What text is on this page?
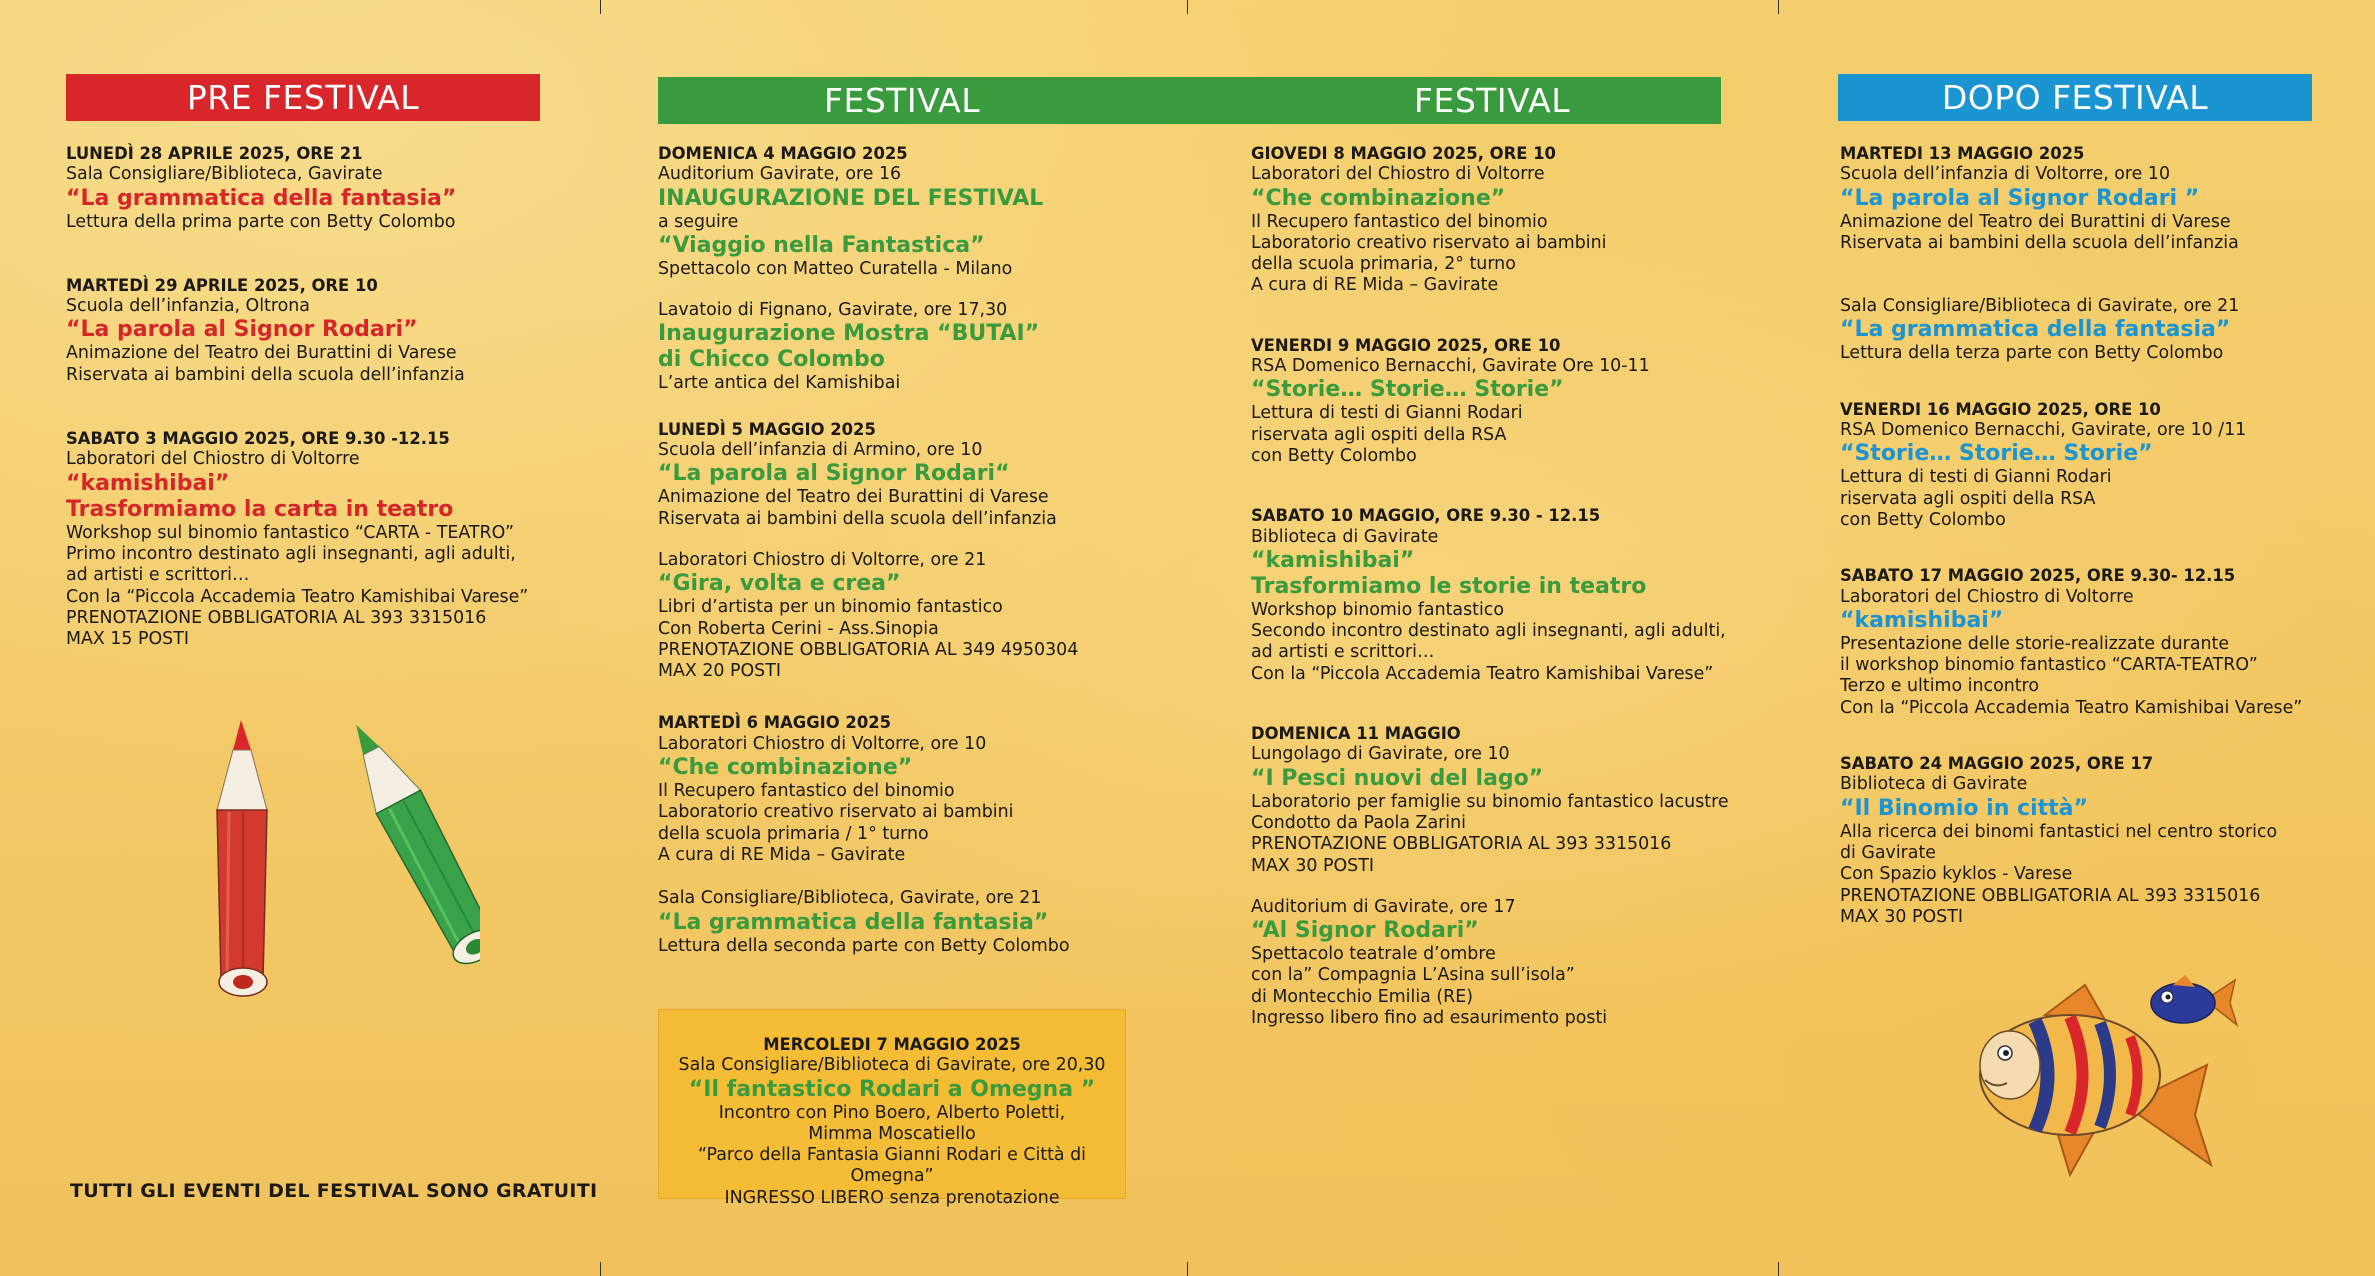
PRE FESTIVAL	FESTIVAL	FESTIVAL	DOPO FESTIVAL
LUNEDÌ 28 APRILE 2025, ORE 21
Sala Consigliare/Biblioteca, Gavirate
“La grammatica della fantasia”
Lettura della prima parte con Betty Colombo
MARTEDÌ 29 APRILE 2025, ORE 10
Scuola dell’infanzia, Oltrona
“La parola al Signor Rodari”
Animazione del Teatro dei Burattini di Varese
Riservata ai bambini della scuola dell’infanzia
SABATO 3 MAGGIO 2025, ORE 9.30 -12.15
Laboratori del Chiostro di Voltorre
“kamishibai”
Trasformiamo la carta in teatro
Workshop sul binomio fantastico “CARTA - TEATRO”
Primo incontro destinato agli insegnanti, agli adulti,
ad artisti e scrittori…
Con la “Piccola Accademia Teatro Kamishibai Varese”
PRENOTAZIONE OBBLIGATORIA AL 393 3315016
MAX 15 POSTI
DOMENICA 4 MAGGIO 2025
Auditorium Gavirate, ore 16
INAUGURAZIONE DEL FESTIVAL
a seguire
“Viaggio nella Fantastica”
Spettacolo con Matteo Curatella - Milano
Lavatoio di Fignano, Gavirate, ore 17,30
Inaugurazione Mostra “BUTAI”
di Chicco Colombo
L’arte antica del Kamishibai
LUNEDÌ 5 MAGGIO 2025
Scuola dell’infanzia di Armino, ore 10
“La parola al Signor Rodari“
Animazione del Teatro dei Burattini di Varese
Riservata ai bambini della scuola dell’infanzia
Laboratori Chiostro di Voltorre, ore 21
“Gira, volta e crea”
Libri d’artista per un binomio fantastico
Con Roberta Cerini - Ass.Sinopia
PRENOTAZIONE OBBLIGATORIA AL 349 4950304
MAX 20 POSTI
MARTEDÌ 6 MAGGIO 2025
Laboratori Chiostro di Voltorre, ore 10
“Che combinazione”
Il Recupero fantastico del binomio
Laboratorio creativo riservato ai bambini
della scuola primaria / 1° turno
A cura di RE Mida – Gavirate
Sala Consigliare/Biblioteca, Gavirate, ore 21
“La grammatica della fantasia”
Lettura della seconda parte con Betty Colombo
GIOVEDI 8 MAGGIO 2025, ORE 10
Laboratori del Chiostro di Voltorre
“Che combinazione”
Il Recupero fantastico del binomio
Laboratorio creativo riservato ai bambini
della scuola primaria, 2° turno
A cura di RE Mida – Gavirate
VENERDI 9 MAGGIO 2025, ORE 10
RSA Domenico Bernacchi, Gavirate Ore 10-11
“Storie… Storie… Storie”
Lettura di testi di Gianni Rodari
riservata agli ospiti della RSA
con Betty Colombo
SABATO 10 MAGGIO, ORE 9.30 - 12.15
Biblioteca di Gavirate
“kamishibai”
Trasformiamo le storie in teatro
Workshop binomio fantastico
Secondo incontro destinato agli insegnanti, agli adulti,
ad artisti e scrittori…
Con la “Piccola Accademia Teatro Kamishibai Varese”
DOMENICA 11 MAGGIO
Lungolago di Gavirate, ore 10
“I Pesci nuovi del lago”
Laboratorio per famiglie su binomio fantastico lacustre
Condotto da Paola Zarini
PRENOTAZIONE OBBLIGATORIA AL 393 3315016
MAX 30 POSTI
Auditorium di Gavirate, ore 17
“Al Signor Rodari”
Spettacolo teatrale d’ombre
con la” Compagnia L’Asina sull’isola”
di Montecchio Emilia (RE)
Ingresso libero fino ad esaurimento posti
MARTEDI 13 MAGGIO 2025
Scuola dell’infanzia di Voltorre, ore 10
“La parola al Signor Rodari ”
Animazione del Teatro dei Burattini di Varese
Riservata ai bambini della scuola dell’infanzia
Sala Consigliare/Biblioteca di Gavirate, ore 21
“La grammatica della fantasia”
Lettura della terza parte con Betty Colombo
VENERDI 16 MAGGIO 2025, ORE 10
RSA Domenico Bernacchi, Gavirate, ore 10 /11
“Storie… Storie… Storie”
Lettura di testi di Gianni Rodari
riservata agli ospiti della RSA
con Betty Colombo
SABATO 17 MAGGIO 2025, ORE 9.30- 12.15
Laboratori del Chiostro di Voltorre
“kamishibai”
Presentazione delle storie-realizzate durante
il workshop binomio fantastico “CARTA-TEATRO”
Terzo e ultimo incontro
Con la “Piccola Accademia Teatro Kamishibai Varese”
SABATO 24 MAGGIO 2025, ORE 17
Biblioteca di Gavirate
“Il Binomio in città”
Alla ricerca dei binomi fantastici nel centro storico
di Gavirate
Con Spazio kyklos - Varese
PRENOTAZIONE OBBLIGATORIA AL 393 3315016
MAX 30 POSTI
MERCOLEDI 7 MAGGIO 2025
Sala Consigliare/Biblioteca di Gavirate, ore 20,30
“Il fantastico Rodari a Omegna ”
Incontro con Pino Boero, Alberto Poletti,
Mimma Moscatiello
“Parco della Fantasia Gianni Rodari e Città di Omegna”
INGRESSO LIBERO senza prenotazione
TUTTI GLI EVENTI DEL FESTIVAL SONO GRATUITI
